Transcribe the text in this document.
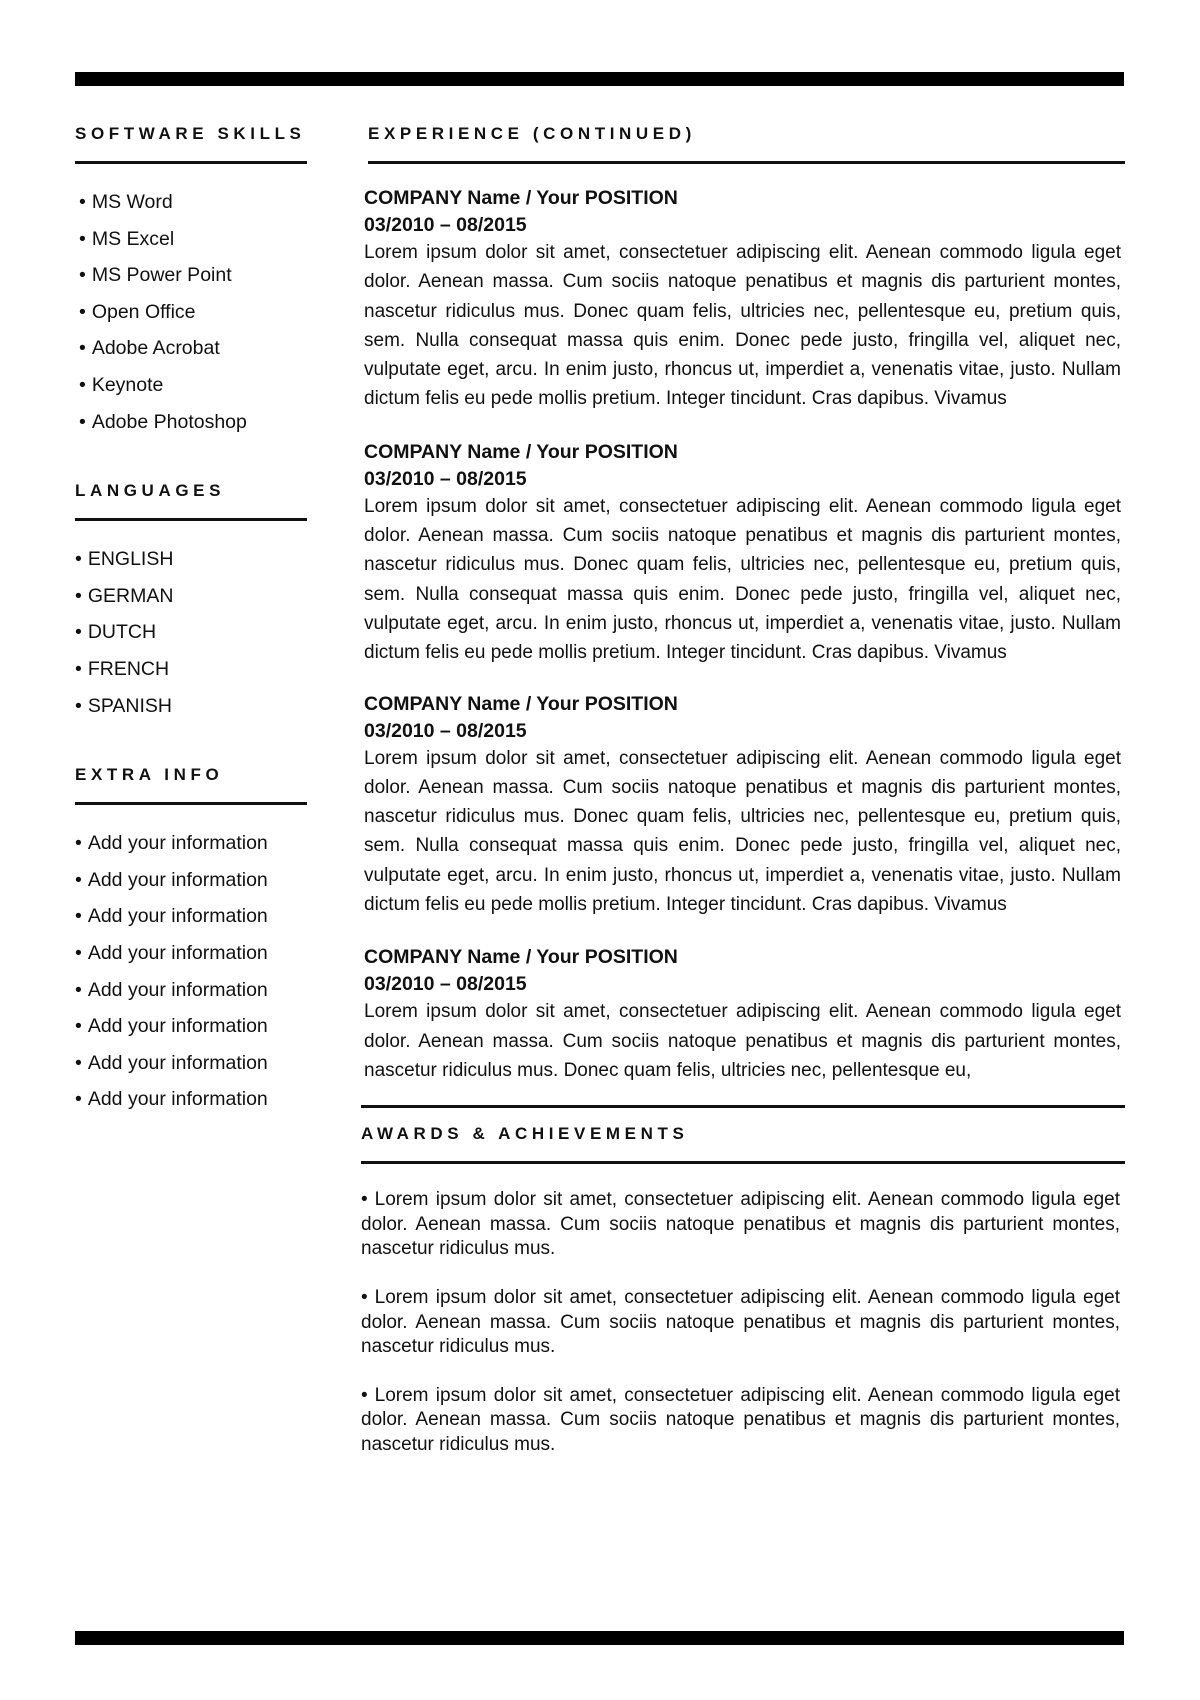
SOFTWARE SKILLS
• MS Word
• MS Excel
• MS Power Point
• Open Office
• Adobe Acrobat
• Keynote
• Adobe Photoshop
LANGUAGES
• ENGLISH
• GERMAN
• DUTCH
• FRENCH
• SPANISH
EXTRA INFO
• Add your information
• Add your information
• Add your information
• Add your information
• Add your information
• Add your information
• Add your information
• Add your information
EXPERIENCE (CONTINUED)

COMPANY Name / Your POSITION

03/2010 – 08/2015

Lorem ipsum dolor sit amet, consectetuer adipiscing elit. Aenean commodo ligula eget dolor. Aenean massa. Cum sociis natoque penatibus et magnis dis parturient montes, nascetur ridiculus mus. Donec quam felis, ultricies nec, pellentesque eu, pretium quis, sem. Nulla consequat massa quis enim. Donec pede justo, fringilla vel, aliquet nec, vulputate eget, arcu. In enim justo, rhoncus ut, imperdiet a, venenatis vitae, justo. Nullam dictum felis eu pede mollis pretium. Integer tincidunt. Cras dapibus. Vivamus

COMPANY Name / Your POSITION

03/2010 – 08/2015

Lorem ipsum dolor sit amet, consectetuer adipiscing elit. Aenean commodo ligula eget dolor. Aenean massa. Cum sociis natoque penatibus et magnis dis parturient montes, nascetur ridiculus mus. Donec quam felis, ultricies nec, pellentesque eu, pretium quis, sem. Nulla consequat massa quis enim. Donec pede justo, fringilla vel, aliquet nec, vulputate eget, arcu. In enim justo, rhoncus ut, imperdiet a, venenatis vitae, justo. Nullam dictum felis eu pede mollis pretium. Integer tincidunt. Cras dapibus. Vivamus

COMPANY Name / Your POSITION

03/2010 – 08/2015

Lorem ipsum dolor sit amet, consectetuer adipiscing elit. Aenean commodo ligula eget dolor. Aenean massa. Cum sociis natoque penatibus et magnis dis parturient montes, nascetur ridiculus mus. Donec quam felis, ultricies nec, pellentesque eu, pretium quis, sem. Nulla consequat massa quis enim. Donec pede justo, fringilla vel, aliquet nec, vulputate eget, arcu. In enim justo, rhoncus ut, imperdiet a, venenatis vitae, justo. Nullam dictum felis eu pede mollis pretium. Integer tincidunt. Cras dapibus. Vivamus

COMPANY Name / Your POSITION

03/2010 – 08/2015

Lorem ipsum dolor sit amet, consectetuer adipiscing elit. Aenean commodo ligula eget dolor. Aenean massa. Cum sociis natoque penatibus et magnis dis parturient montes, nascetur ridiculus mus. Donec quam felis, ultricies nec, pellentesque eu,

AWARDS & ACHIEVEMENTS

• Lorem ipsum dolor sit amet, consectetuer adipiscing elit. Aenean commodo ligula eget dolor. Aenean massa. Cum sociis natoque penatibus et magnis dis parturient montes, nascetur ridiculus mus.

• Lorem ipsum dolor sit amet, consectetuer adipiscing elit. Aenean commodo ligula eget dolor. Aenean massa. Cum sociis natoque penatibus et magnis dis parturient montes, nascetur ridiculus mus.

• Lorem ipsum dolor sit amet, consectetuer adipiscing elit. Aenean commodo ligula eget dolor. Aenean massa. Cum sociis natoque penatibus et magnis dis parturient montes, nascetur ridiculus mus.
